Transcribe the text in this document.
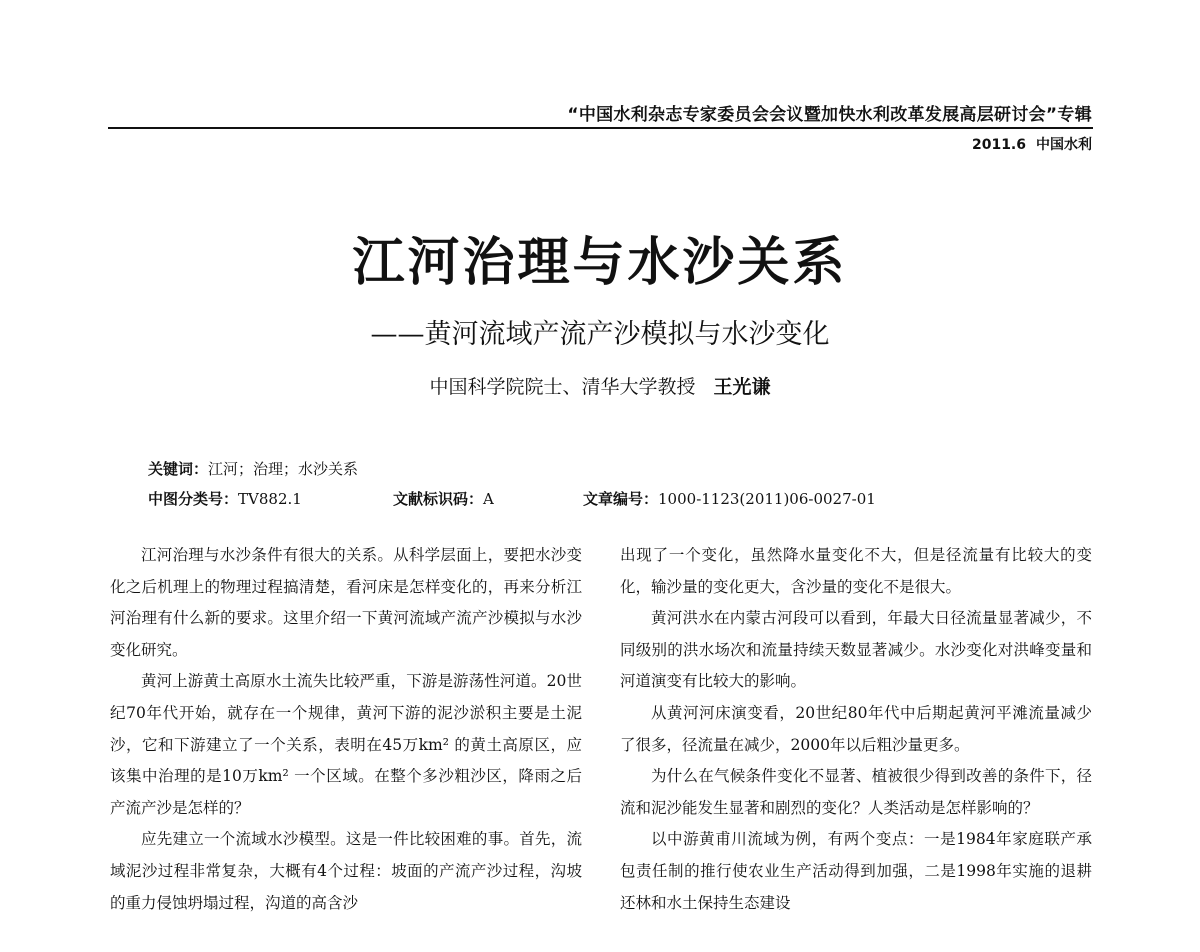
“中国水利杂志专家委员会会议暨加快水利改革发展高层研讨会”专辑
2011.6 中国水利
江河治理与水沙关系
——黄河流域产流产沙模拟与水沙变化
中国科学院院士、清华大学教授 王光谦
关键词：江河；治理；水沙关系
中图分类号：TV882.1	文献标识码：A	文章编号：1000-1123(2011)06-0027-01

江河治理与水沙条件有很大的关系。从科学层面上，要把水沙变化之后机理上的物理过程搞清楚，看河床是怎样变化的，再来分析江河治理有什么新的要求。这里介绍一下黄河流域产流产沙模拟与水沙变化研究。

黄河上游黄土高原水土流失比较严重，下游是游荡性河道。20世纪70年代开始，就存在一个规律，黄河下游的泥沙淤积主要是土泥沙，它和下游建立了一个关系，表明在45万km² 的黄土高原区，应该集中治理的是10万km² 一个区域。在整个多沙粗沙区，降雨之后产流产沙是怎样的？

应先建立一个流域水沙模型。这是一件比较困难的事。首先，流域泥沙过程非常复杂，大概有4个过程：坡面的产流产沙过程，沟坡的重力侵蚀坍塌过程，沟道的高含沙

出现了一个变化，虽然降水量变化不大，但是径流量有比较大的变化，输沙量的变化更大，含沙量的变化不是很大。

黄河洪水在内蒙古河段可以看到，年最大日径流量显著减少，不同级别的洪水场次和流量持续天数显著减少。水沙变化对洪峰变量和河道演变有比较大的影响。

从黄河河床演变看，20世纪80年代中后期起黄河平滩流量减少了很多，径流量在减少，2000年以后粗沙量更多。

为什么在气候条件变化不显著、植被很少得到改善的条件下，径流和泥沙能发生显著和剧烈的变化？人类活动是怎样影响的？

以中游黄甫川流域为例，有两个变点：一是1984年家庭联产承包责任制的推行使农业生产活动得到加强，二是1998年实施的退耕还林和水土保持生态建设
